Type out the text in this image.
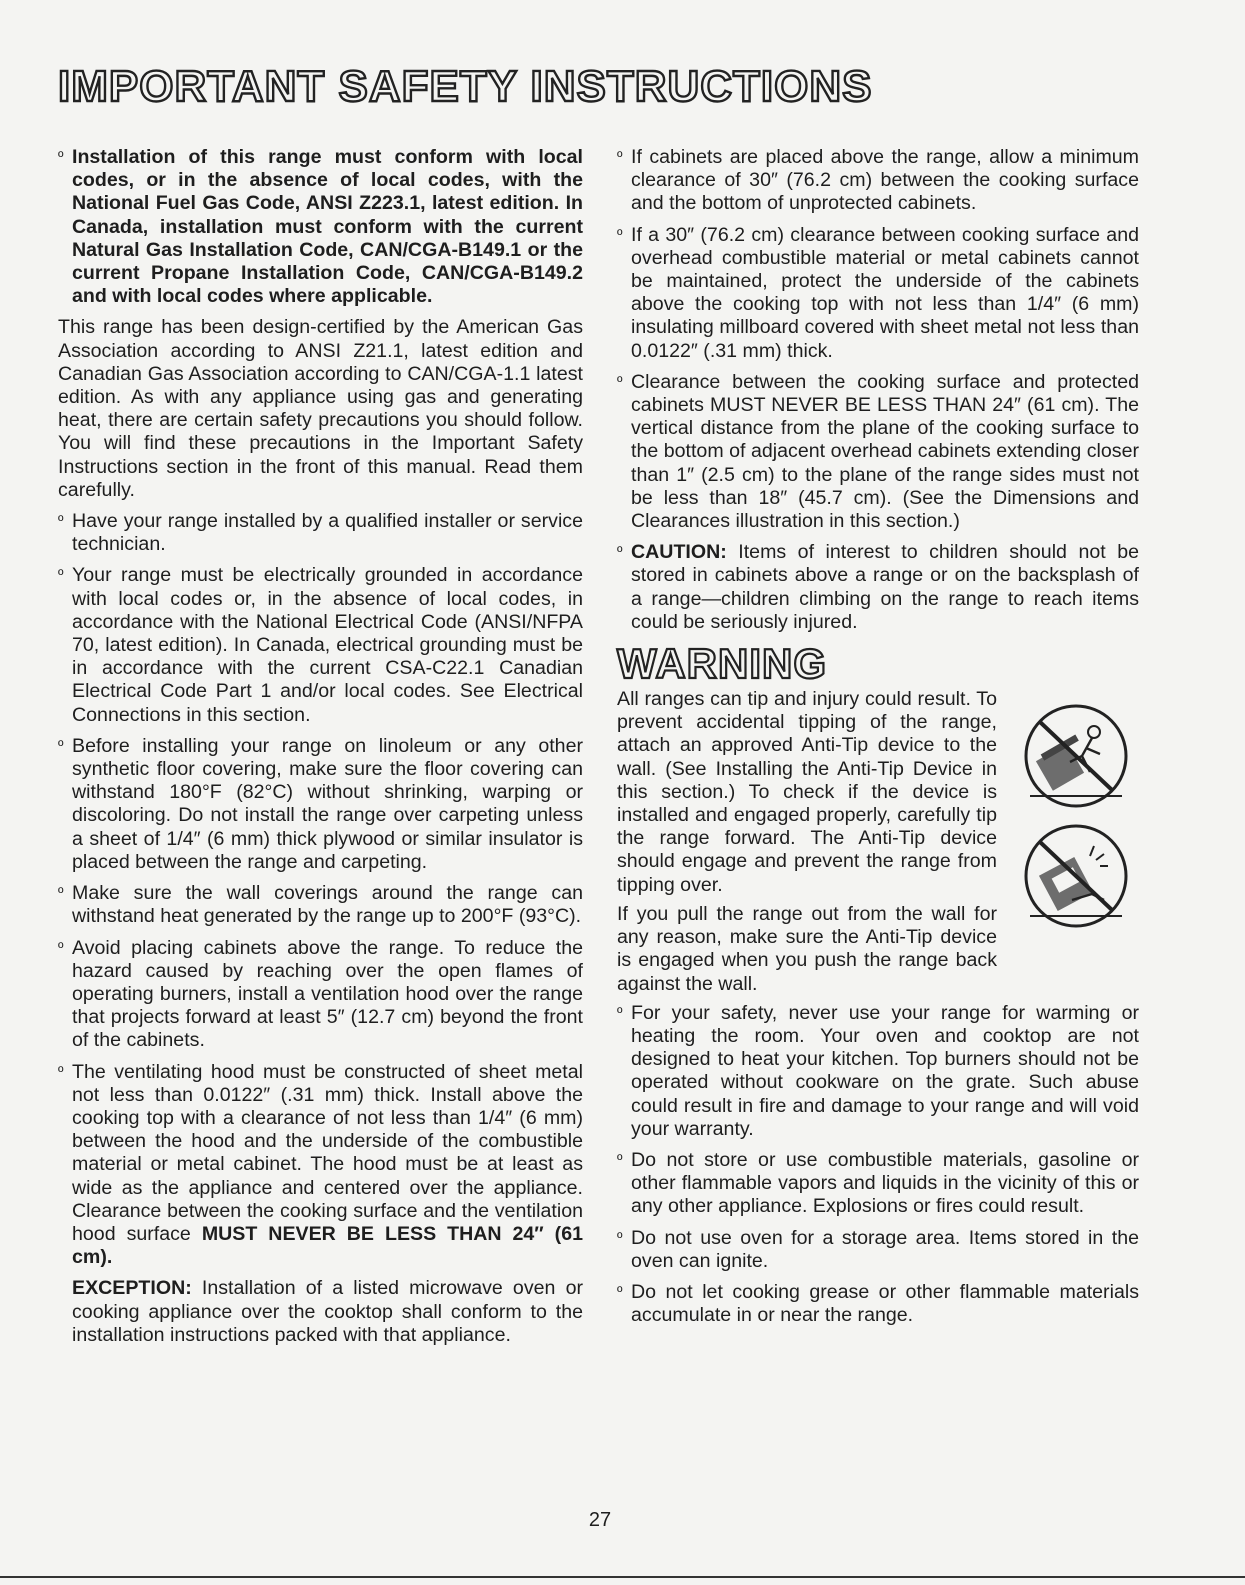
IMPORTANT SAFETY INSTRUCTIONS
º Installation of this range must conform with local codes, or in the absence of local codes, with the National Fuel Gas Code, ANSI Z223.1, latest edition. In Canada, installation must conform with the current Natural Gas Installation Code, CAN/CGA-B149.1 or the current Propane Installation Code, CAN/CGA-B149.2 and with local codes where applicable.

This range has been design-certified by the American Gas Association according to ANSI Z21.1, latest edition and Canadian Gas Association according to CAN/CGA-1.1 latest edition. As with any appliance using gas and generating heat, there are certain safety precautions you should follow. You will find these precautions in the Important Safety Instructions section in the front of this manual. Read them carefully.

º Have your range installed by a qualified installer or service technician.
º Your range must be electrically grounded in accordance with local codes or, in the absence of local codes, in accordance with the National Electrical Code (ANSI/NFPA 70, latest edition). In Canada, electrical grounding must be in accordance with the current CSA-C22.1 Canadian Electrical Code Part 1 and/or local codes. See Electrical Connections in this section.
º Before installing your range on linoleum or any other synthetic floor covering, make sure the floor covering can withstand 180°F (82°C) without shrinking, warping or discoloring. Do not install the range over carpeting unless a sheet of 1/4″ (6 mm) thick plywood or similar insulator is placed between the range and carpeting.
º Make sure the wall coverings around the range can withstand heat generated by the range up to 200°F (93°C).
º Avoid placing cabinets above the range. To reduce the hazard caused by reaching over the open flames of operating burners, install a ventilation hood over the range that projects forward at least 5″ (12.7 cm) beyond the front of the cabinets.
º The ventilating hood must be constructed of sheet metal not less than 0.0122″ (.31 mm) thick. Install above the cooking top with a clearance of not less than 1/4″ (6 mm) between the hood and the underside of the combustible material or metal cabinet. The hood must be at least as wide as the appliance and centered over the appliance. Clearance between the cooking surface and the ventilation hood surface MUST NEVER BE LESS THAN 24″ (61 cm).

EXCEPTION: Installation of a listed microwave oven or cooking appliance over the cooktop shall conform to the installation instructions packed with that appliance.

º If cabinets are placed above the range, allow a minimum clearance of 30″ (76.2 cm) between the cooking surface and the bottom of unprotected cabinets.
º If a 30″ (76.2 cm) clearance between cooking surface and overhead combustible material or metal cabinets cannot be maintained, protect the underside of the cabinets above the cooking top with not less than 1/4″ (6 mm) insulating millboard covered with sheet metal not less than 0.0122″ (.31 mm) thick.
º Clearance between the cooking surface and protected cabinets MUST NEVER BE LESS THAN 24″ (61 cm). The vertical distance from the plane of the cooking surface to the bottom of adjacent overhead cabinets extending closer than 1″ (2.5 cm) to the plane of the range sides must not be less than 18″ (45.7 cm). (See the Dimensions and Clearances illustration in this section.)
º CAUTION: Items of interest to children should not be stored in cabinets above a range or on the backsplash of a range—children climbing on the range to reach items could be seriously injured.
WARNING

All ranges can tip and injury could result. To prevent accidental tipping of the range, attach an approved Anti-Tip device to the wall. (See Installing the Anti-Tip Device in this section.) To check if the device is installed and engaged properly, carefully tip the range forward. The Anti-Tip device should engage and prevent the range from tipping over.

If you pull the range out from the wall for any reason, make sure the Anti-Tip device is engaged when you push the range back against the wall.

º For your safety, never use your range for warming or heating the room. Your oven and cooktop are not designed to heat your kitchen. Top burners should not be operated without cookware on the grate. Such abuse could result in fire and damage to your range and will void your warranty.
º Do not store or use combustible materials, gasoline or other flammable vapors and liquids in the vicinity of this or any other appliance. Explosions or fires could result.
º Do not use oven for a storage area. Items stored in the oven can ignite.
º Do not let cooking grease or other flammable materials accumulate in or near the range.
27
